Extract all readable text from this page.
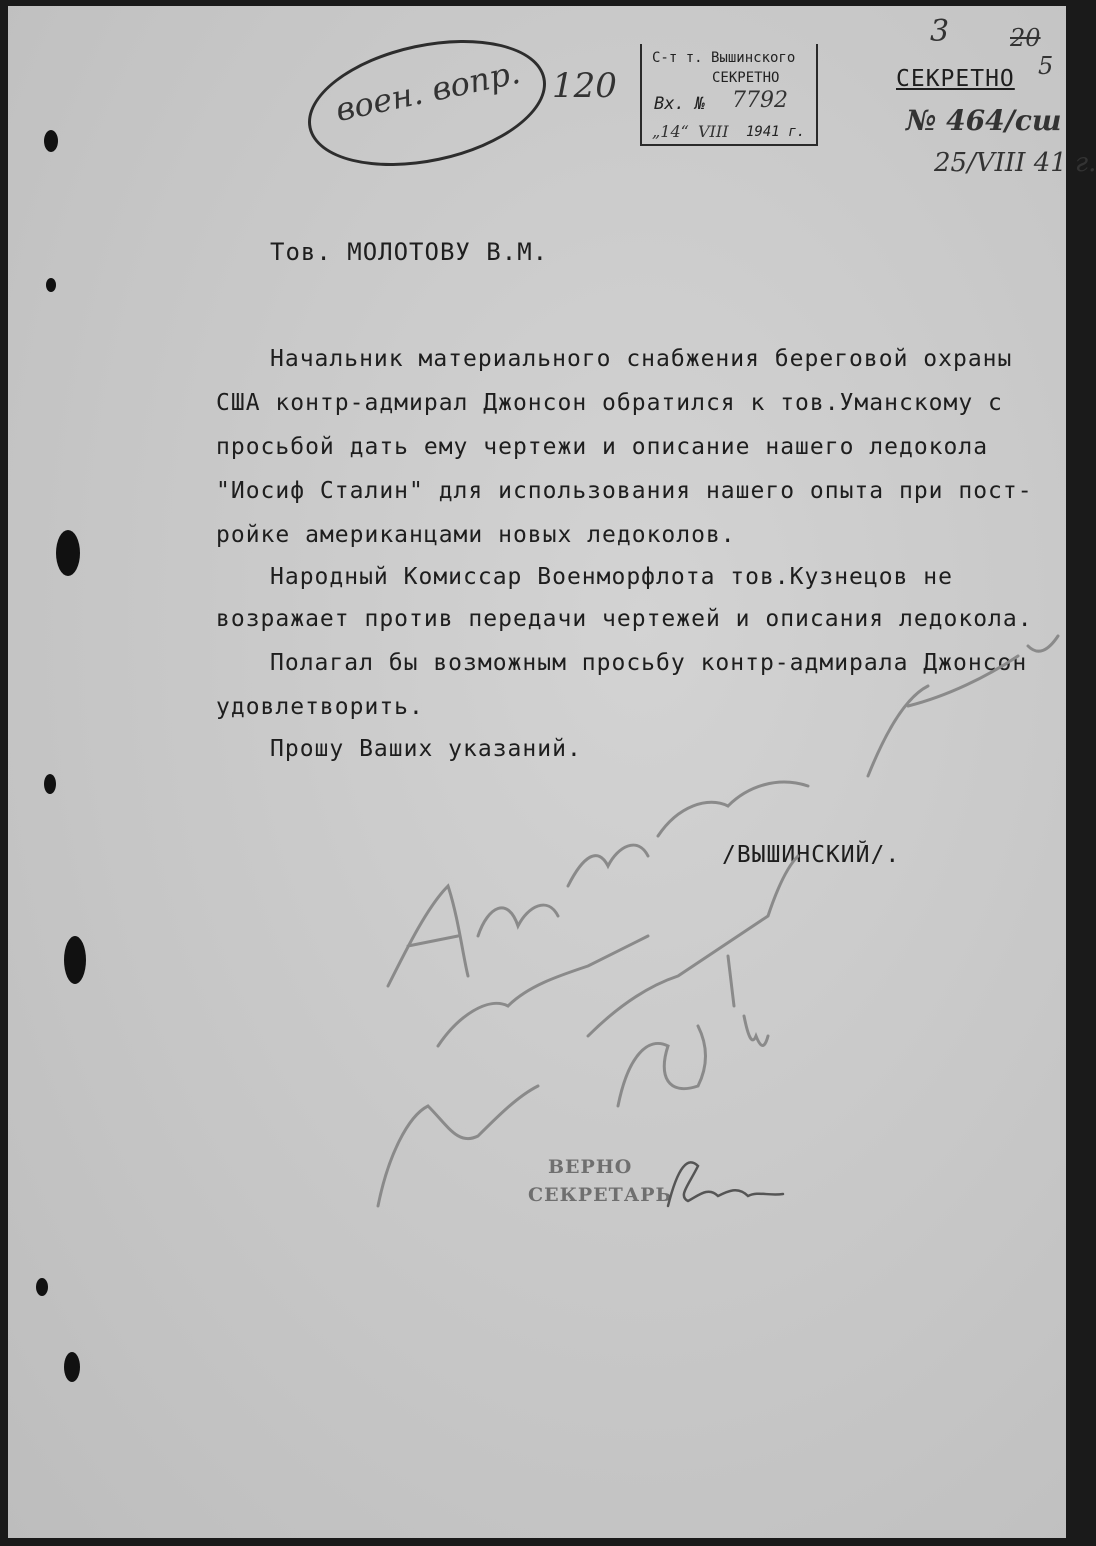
воен. вопр. 120
С-т т. Вышинского
СЕКРЕТНО
Вх. № 7792
„14“ VIII 1941 г.
3	20
5
СЕКРЕТНО
№ 464/сш
25/VIII 41 г.
Тов. МОЛОТОВУ В.М.
Начальник материального снабжения береговой охраны
США контр-адмирал Джонсон обратился к тов.Уманскому с
просьбой дать ему чертежи и описание нашего ледокола
"Иосиф Сталин" для использования нашего опыта при пост-
ройке американцами новых ледоколов.
Народный Комиссар Военморфлота тов.Кузнецов не
возражает против передачи чертежей и описания ледокола.
Полагал бы возможным просьбу контр-адмирала Джонсон
удовлетворить.
Прошу Ваших указаний.
/ВЫШИНСКИЙ/.
ВЕРНО
СЕКРЕТАРЬ
